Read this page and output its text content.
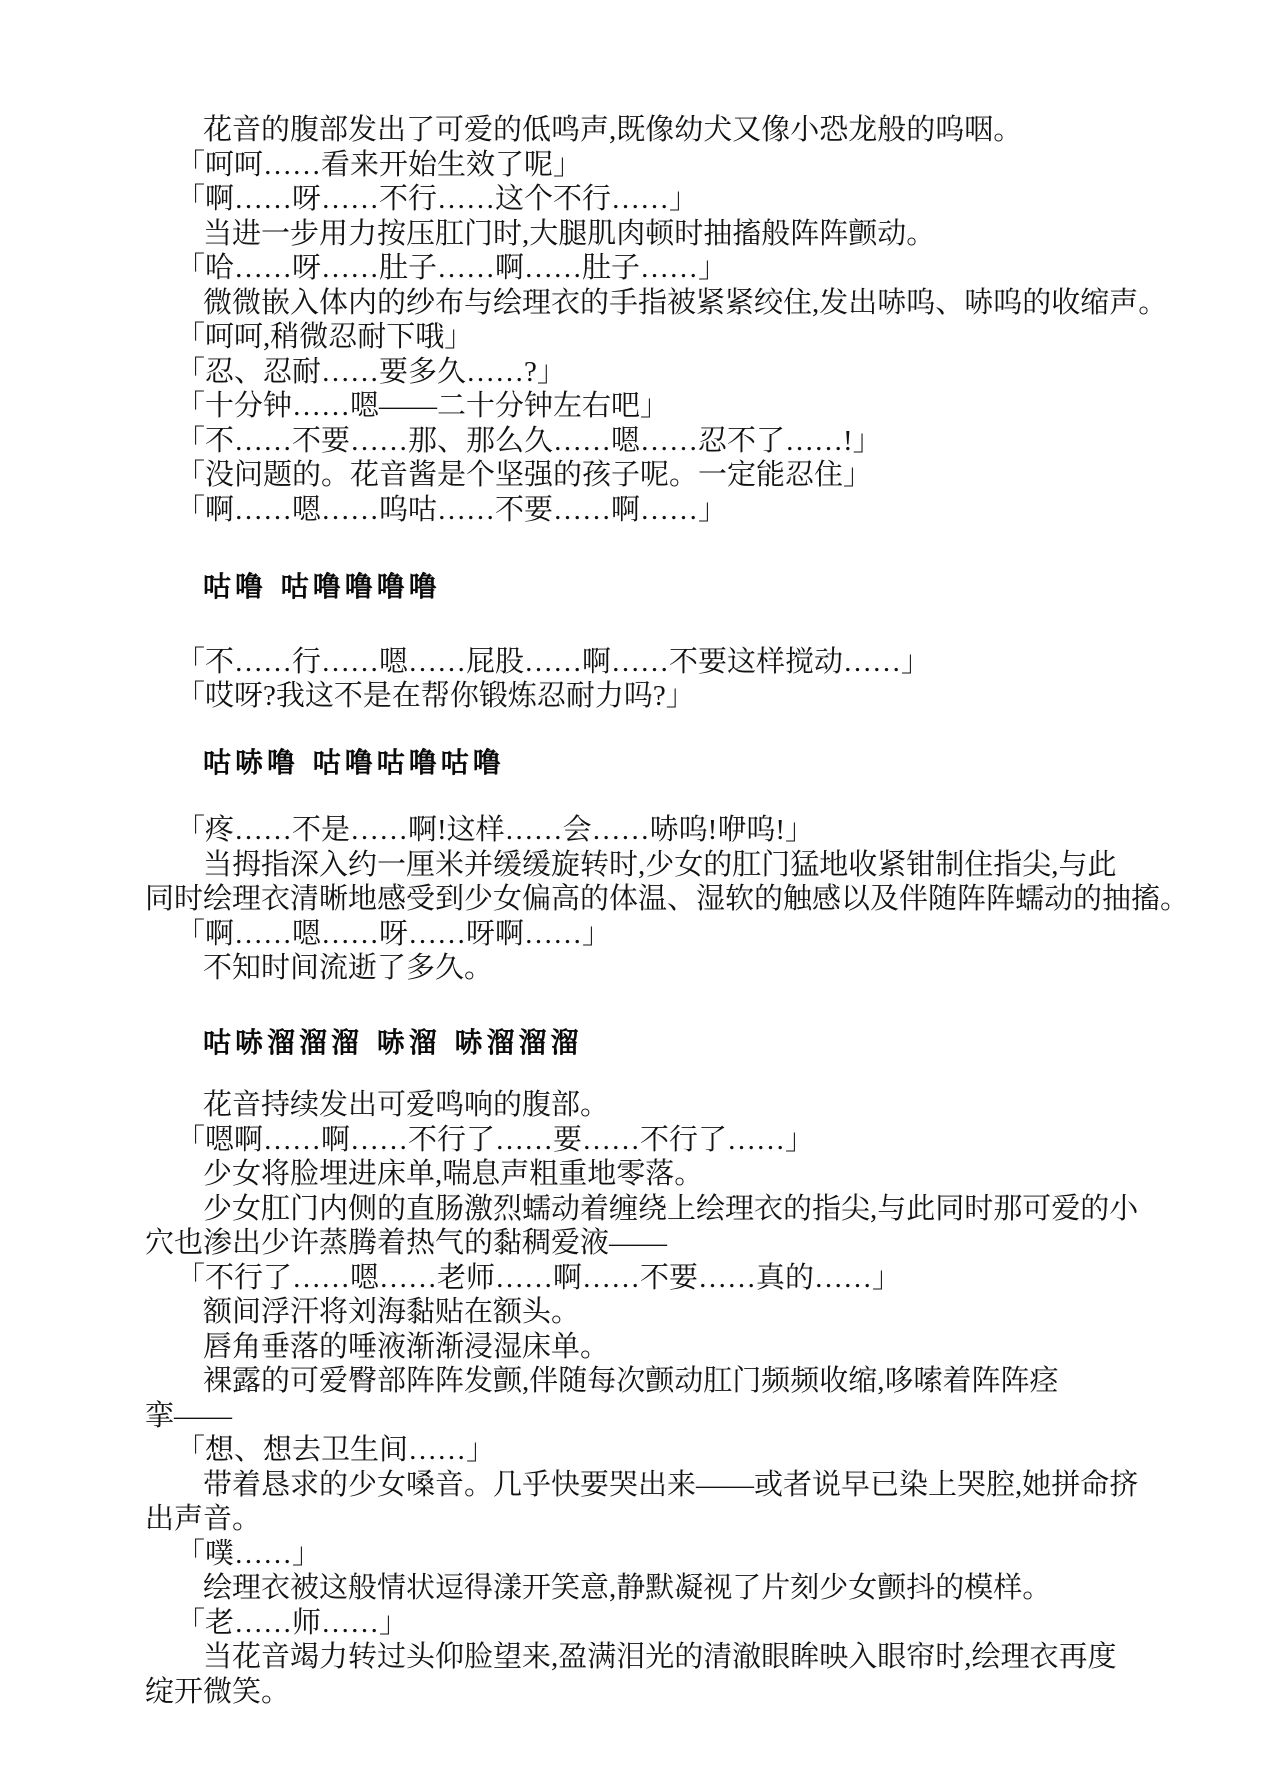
花音的腹部发出了可爱的低鸣声,既像幼犬又像小恐龙般的呜咽。
「呵呵……看来开始生效了呢」
「啊……呀……不行……这个不行……」
当进一步用力按压肛门时,大腿肌肉顿时抽搐般阵阵颤动。
「哈……呀……肚子……啊……肚子……」
微微嵌入体内的纱布与绘理衣的手指被紧紧绞住,发出哧呜、哧呜的收缩声。
「呵呵,稍微忍耐下哦」
「忍、忍耐……要多久……?」
「十分钟……嗯——二十分钟左右吧」
「不……不要……那、那么久……嗯……忍不了……!」
「没问题的。花音酱是个坚强的孩子呢。一定能忍住」
「啊……嗯……呜咕……不要……啊……」
咕噜 咕噜噜噜噜
「不……行……嗯……屁股……啊……不要这样搅动……」
「哎呀?我这不是在帮你锻炼忍耐力吗?」
咕哧噜 咕噜咕噜咕噜
「疼……不是……啊!这样……会……哧呜!咿呜!」
当拇指深入约一厘米并缓缓旋转时,少女的肛门猛地收紧钳制住指尖,与此
同时绘理衣清晰地感受到少女偏高的体温、湿软的触感以及伴随阵阵蠕动的抽搐。
「啊……嗯……呀……呀啊……」
不知时间流逝了多久。
咕哧溜溜溜 哧溜 哧溜溜溜
花音持续发出可爱鸣响的腹部。
「嗯啊……啊……不行了……要……不行了……」
少女将脸埋进床单,喘息声粗重地零落。
少女肛门内侧的直肠激烈蠕动着缠绕上绘理衣的指尖,与此同时那可爱的小
穴也渗出少许蒸腾着热气的黏稠爱液——
「不行了……嗯……老师……啊……不要……真的……」
额间浮汗将刘海黏贴在额头。
唇角垂落的唾液渐渐浸湿床单。
裸露的可爱臀部阵阵发颤,伴随每次颤动肛门频频收缩,哆嗦着阵阵痉
挛——
「想、想去卫生间……」
带着恳求的少女嗓音。几乎快要哭出来——或者说早已染上哭腔,她拼命挤
出声音。
「噗……」
绘理衣被这般情状逗得漾开笑意,静默凝视了片刻少女颤抖的模样。
「老……师……」
当花音竭力转过头仰脸望来,盈满泪光的清澈眼眸映入眼帘时,绘理衣再度
绽开微笑。
